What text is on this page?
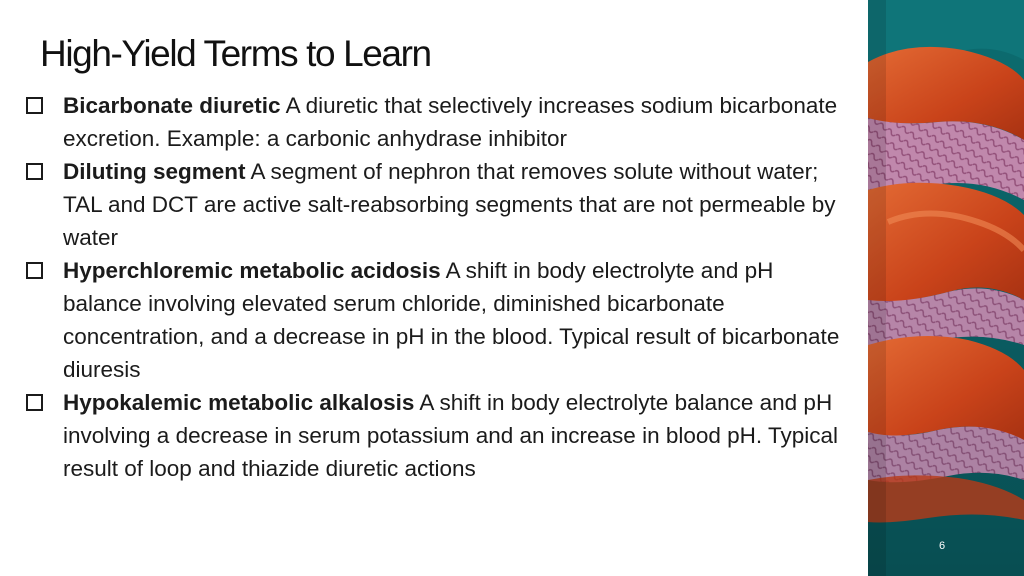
High-Yield Terms to Learn
Bicarbonate diuretic A diuretic that selectively increases sodium bicarbonate excretion. Example: a carbonic anhydrase inhibitor
Diluting segment A segment of nephron that removes solute without water; TAL and DCT are active salt-reabsorbing segments that are not permeable by water
Hyperchloremic metabolic acidosis A shift in body electrolyte and pH balance involving elevated serum chloride, diminished bicarbonate concentration, and a decrease in pH in the blood. Typical result of bicarbonate diuresis
Hypokalemic metabolic alkalosis A shift in body electrolyte balance and pH involving a decrease in serum potassium and an increase in blood pH. Typical result of loop and thiazide diuretic actions
6
